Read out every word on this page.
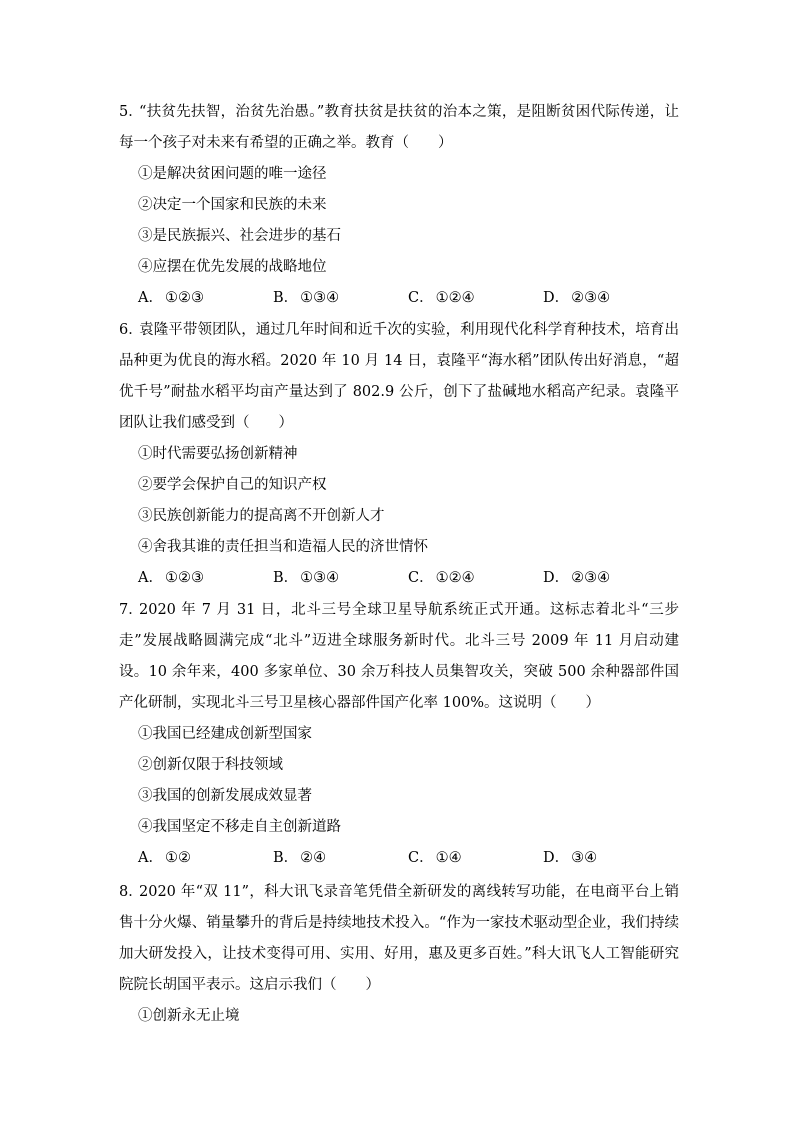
5．“扶贫先扶智，治贫先治愚。”教育扶贫是扶贫的治本之策，是阻断贫困代际传递，让每一个孩子对未来有希望的正确之举。教育（　　）

①是解决贫困问题的唯一途径
②决定一个国家和民族的未来
③是民族振兴、社会进步的基石
④应摆在优先发展的战略地位
A． ①②③	B． ①③④	C． ①②④	D． ②③④

6．袁隆平带领团队，通过几年时间和近千次的实验，利用现代化科学育种技术，培育出品种更为优良的海水稻。2020 年 10 月 14 日，袁隆平“海水稻”团队传出好消息，“超优千号”耐盐水稻平均亩产量达到了 802.9 公斤，创下了盐碱地水稻高产纪录。袁隆平团队让我们感受到（　　）

①时代需要弘扬创新精神
②要学会保护自己的知识产权
③民族创新能力的提高离不开创新人才
④舍我其谁的责任担当和造福人民的济世情怀
A． ①②③	B． ①③④	C． ①②④	D． ②③④

7．2020 年 7 月 31 日，北斗三号全球卫星导航系统正式开通。这标志着北斗“三步走”发展战略圆满完成“北斗”迈进全球服务新时代。北斗三号 2009 年 11 月启动建设。10 余年来，400 多家单位、30 余万科技人员集智攻关，突破 500 余种器部件国产化研制，实现北斗三号卫星核心器部件国产化率 100%。这说明（　　）

①我国已经建成创新型国家
②创新仅限于科技领域
③我国的创新发展成效显著
④我国坚定不移走自主创新道路
A． ①②	B． ②④	C． ①④	D． ③④

8．2020 年“双 11”，科大讯飞录音笔凭借全新研发的离线转写功能，在电商平台上销售十分火爆、销量攀升的背后是持续地技术投入。“作为一家技术驱动型企业，我们持续加大研发投入，让技术变得可用、实用、好用，惠及更多百姓。”科大讯飞人工智能研究院院长胡国平表示。这启示我们（　　）

①创新永无止境
